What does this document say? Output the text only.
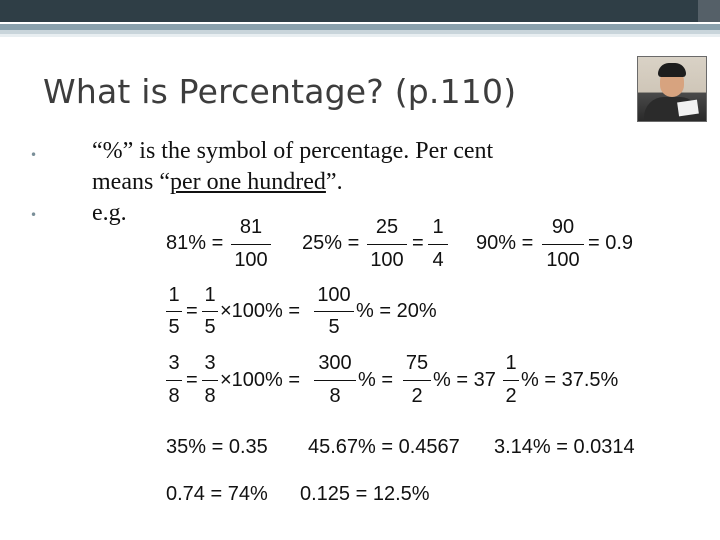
What is Percentage? (p.110)
• “%” is the symbol of percentage. Per cent
means “per one hundred”.
• e.g.
81% =
81
100
25% =
25
100
=
1
4
90% =
90
100
= 0.9
1
5
=
1
5
×100% =
100
5
% = 20%
3
8
=
3
8
×100% =
300
8
% =
75
2
% = 37
1
2
% = 37.5%
35% = 0.35 45.67% = 0.4567 3.14% = 0.0314
0.74 = 74% 0.125 = 12.5%
